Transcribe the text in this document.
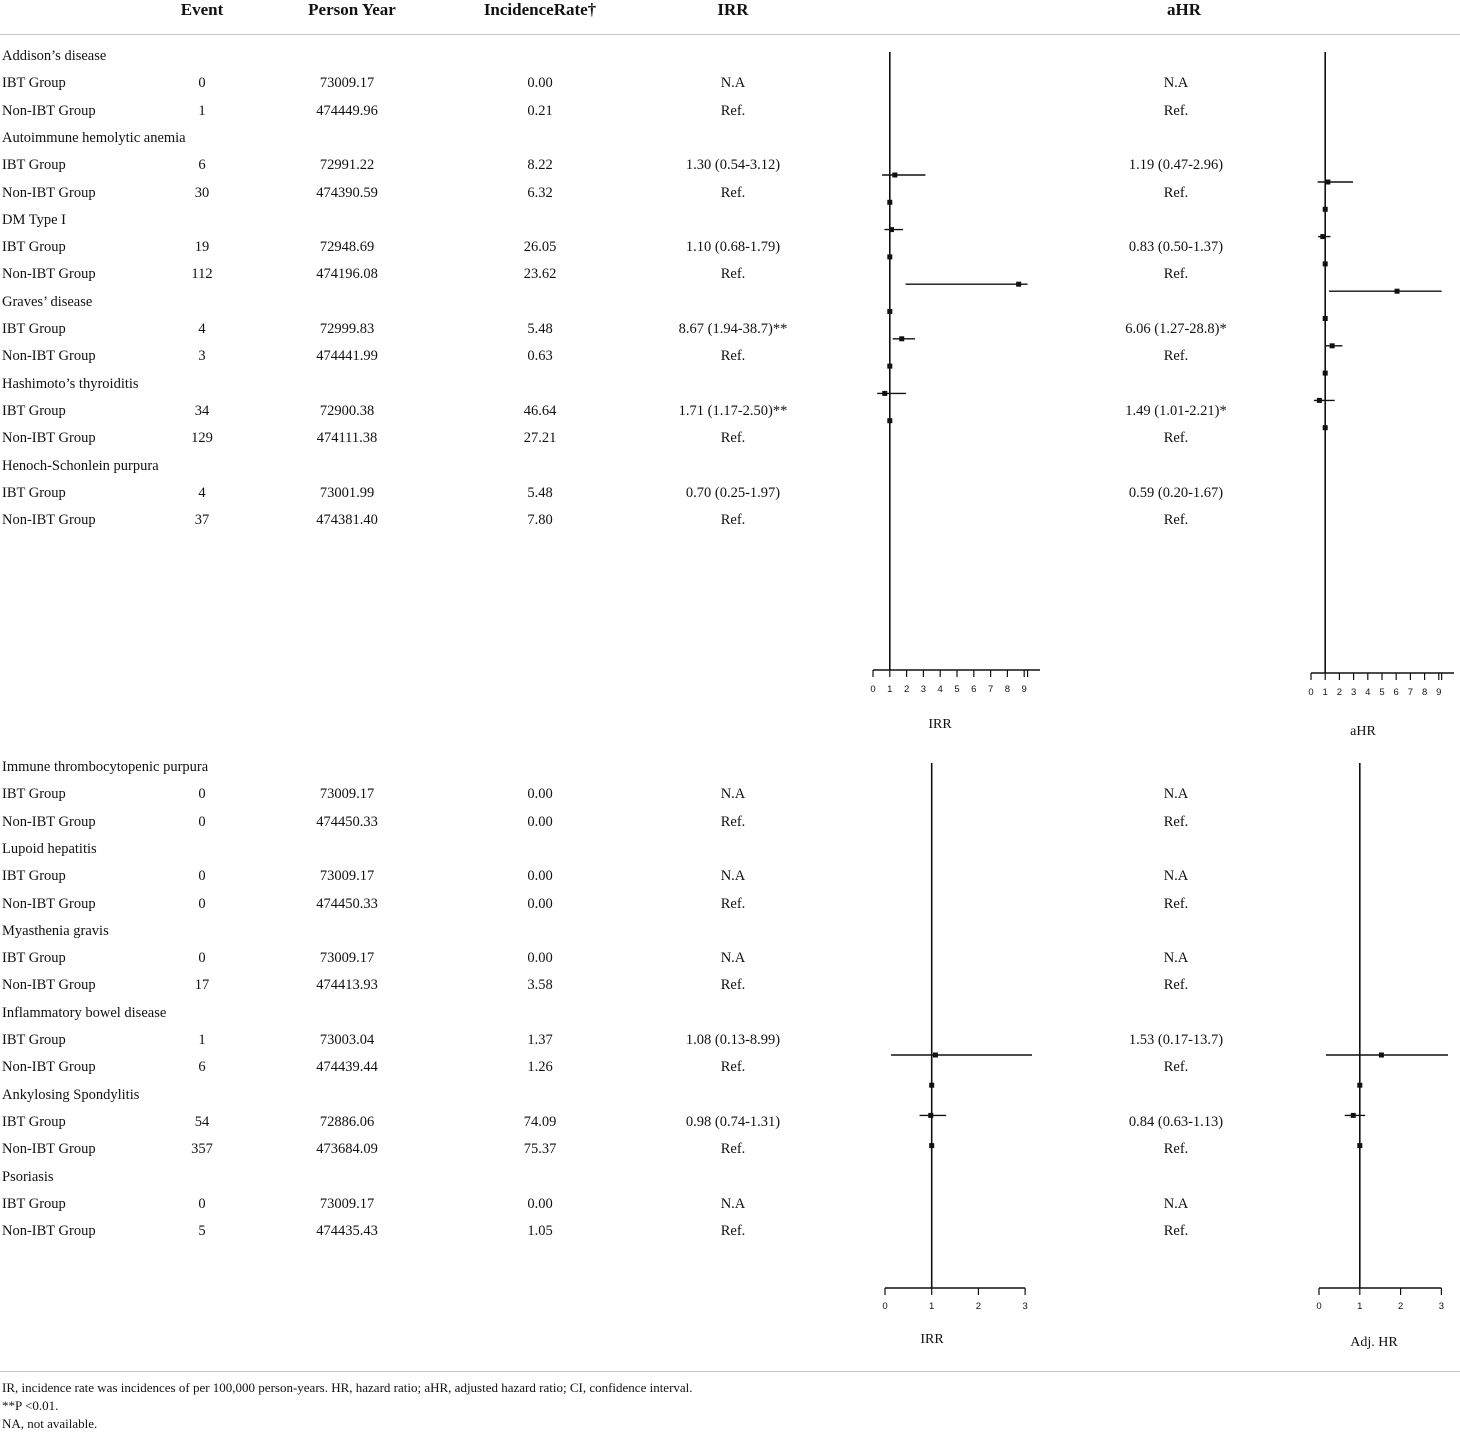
Event	Person Year	IncidenceRate†	IRR	aHR
Addison’s disease
IBT Group	0	73009.17	0.00	N.A	N.A
Non-IBT Group	1	474449.96	0.21	Ref.	Ref.
Autoimmune hemolytic anemia
IBT Group	6	72991.22	8.22	1.30 (0.54-3.12)	1.19 (0.47-2.96)
Non-IBT Group	30	474390.59	6.32	Ref.	Ref.
DM Type I
IBT Group	19	72948.69	26.05	1.10 (0.68-1.79)	0.83 (0.50-1.37)
Non-IBT Group	112	474196.08	23.62	Ref.	Ref.
Graves’ disease
IBT Group	4	72999.83	5.48	8.67 (1.94-38.7)**	6.06 (1.27-28.8)*
Non-IBT Group	3	474441.99	0.63	Ref.	Ref.
Hashimoto’s thyroiditis
IBT Group	34	72900.38	46.64	1.71 (1.17-2.50)**	1.49 (1.01-2.21)*
Non-IBT Group	129	474111.38	27.21	Ref.	Ref.
Henoch-Schonlein purpura
IBT Group	4	73001.99	5.48	0.70 (0.25-1.97)	0.59 (0.20-1.67)
Non-IBT Group	37	474381.40	7.80	Ref.	Ref.
Immune thrombocytopenic purpura
IBT Group	0	73009.17	0.00	N.A	N.A
Non-IBT Group	0	474450.33	0.00	Ref.	Ref.
Lupoid hepatitis
IBT Group	0	73009.17	0.00	N.A	N.A
Non-IBT Group	0	474450.33	0.00	Ref.	Ref.
Myasthenia gravis
IBT Group	0	73009.17	0.00	N.A	N.A
Non-IBT Group	17	474413.93	3.58	Ref.	Ref.
Inflammatory bowel disease
IBT Group	1	73003.04	1.37	1.08 (0.13-8.99)	1.53 (0.17-13.7)
Non-IBT Group	6	474439.44	1.26	Ref.	Ref.
Ankylosing Spondylitis
IBT Group	54	72886.06	74.09	0.98 (0.74-1.31)	0.84 (0.63-1.13)
Non-IBT Group	357	473684.09	75.37	Ref.	Ref.
Psoriasis
IBT Group	0	73009.17	0.00	N.A	N.A
Non-IBT Group	5	474435.43	1.05	Ref.	Ref.
0 1 2 3 4 5 6 7 8 9
IRR
0 1 2 3 4 5 6 7 8 9
aHR
0	1	2	3
IRR
0	1	2	3
Adj. HR
IR, incidence rate was incidences of per 100,000 person-years. HR, hazard ratio; aHR, adjusted hazard ratio; CI, confidence interval.
**P <0.01.
NA, not available.
